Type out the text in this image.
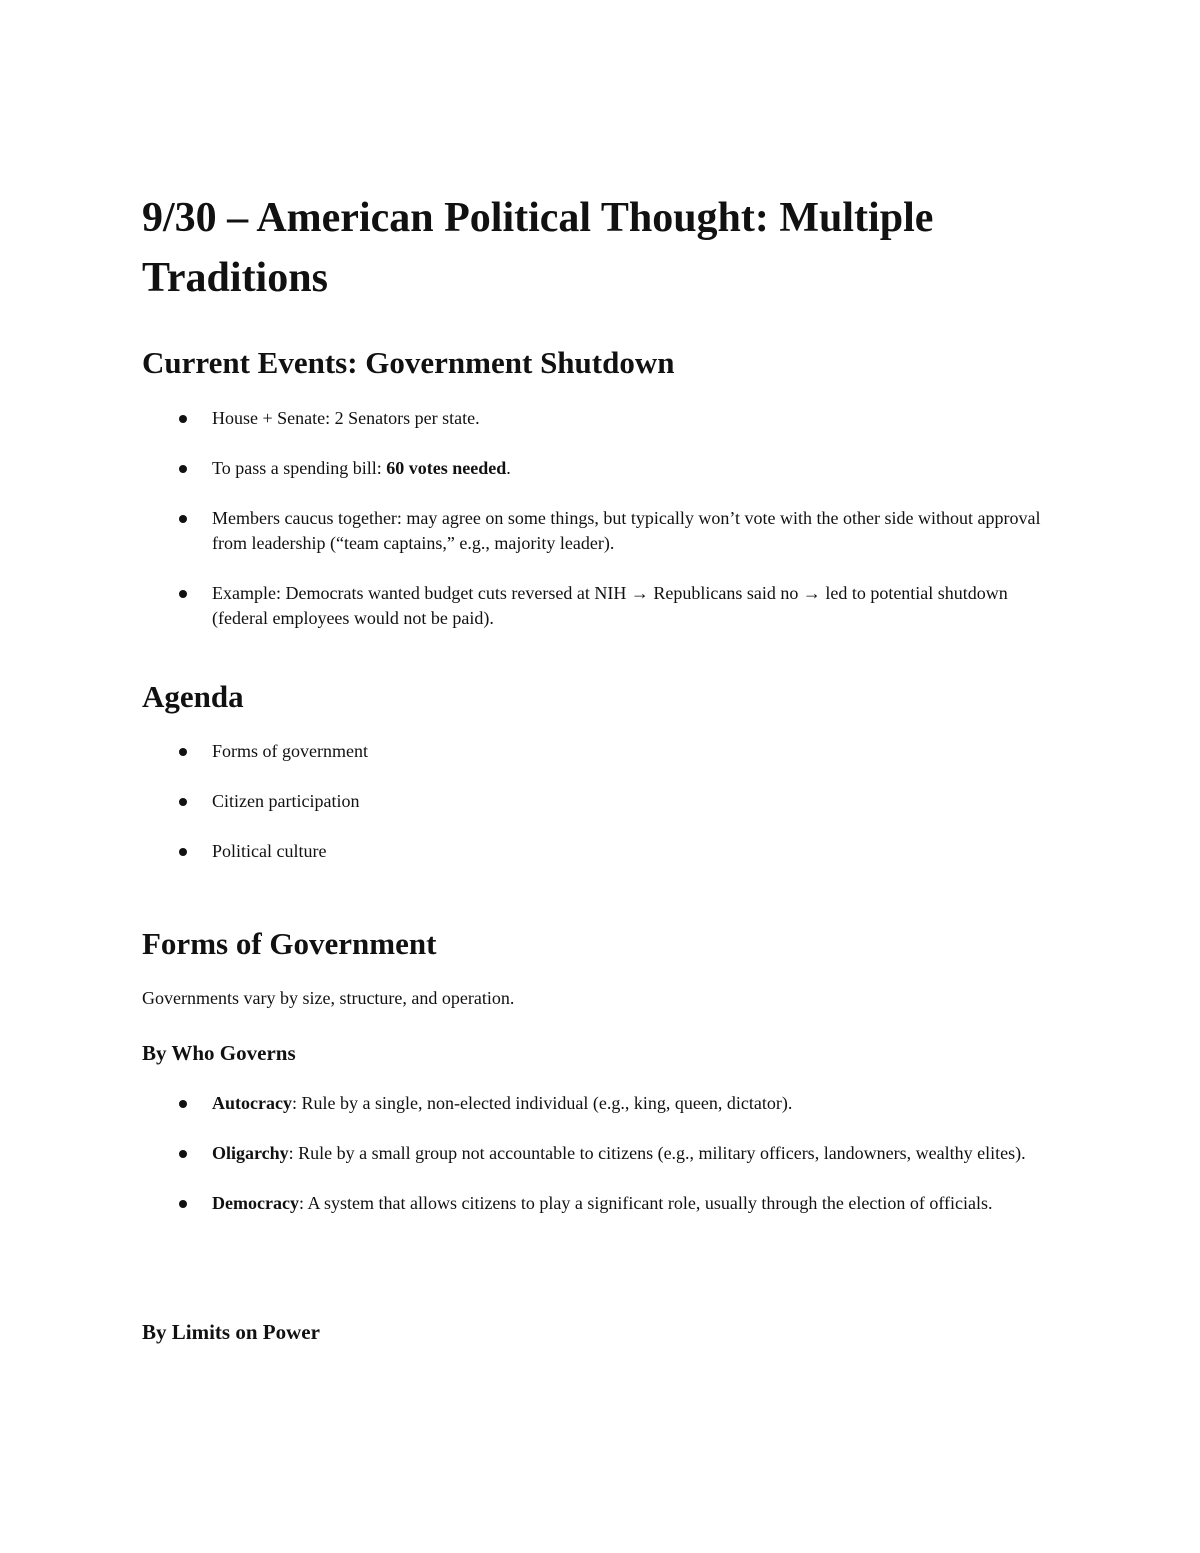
9/30 – American Political Thought: Multiple Traditions
Current Events: Government Shutdown
House + Senate: 2 Senators per state.
To pass a spending bill: 60 votes needed.
Members caucus together: may agree on some things, but typically won’t vote with the other side without approval from leadership (“team captains,” e.g., majority leader).
Example: Democrats wanted budget cuts reversed at NIH → Republicans said no → led to potential shutdown (federal employees would not be paid).
Agenda
Forms of government
Citizen participation
Political culture
Forms of Government

Governments vary by size, structure, and operation.

By Who Governs
Autocracy: Rule by a single, non-elected individual (e.g., king, queen, dictator).
Oligarchy: Rule by a small group not accountable to citizens (e.g., military officers, landowners, wealthy elites).
Democracy: A system that allows citizens to play a significant role, usually through the election of officials.
By Limits on Power
